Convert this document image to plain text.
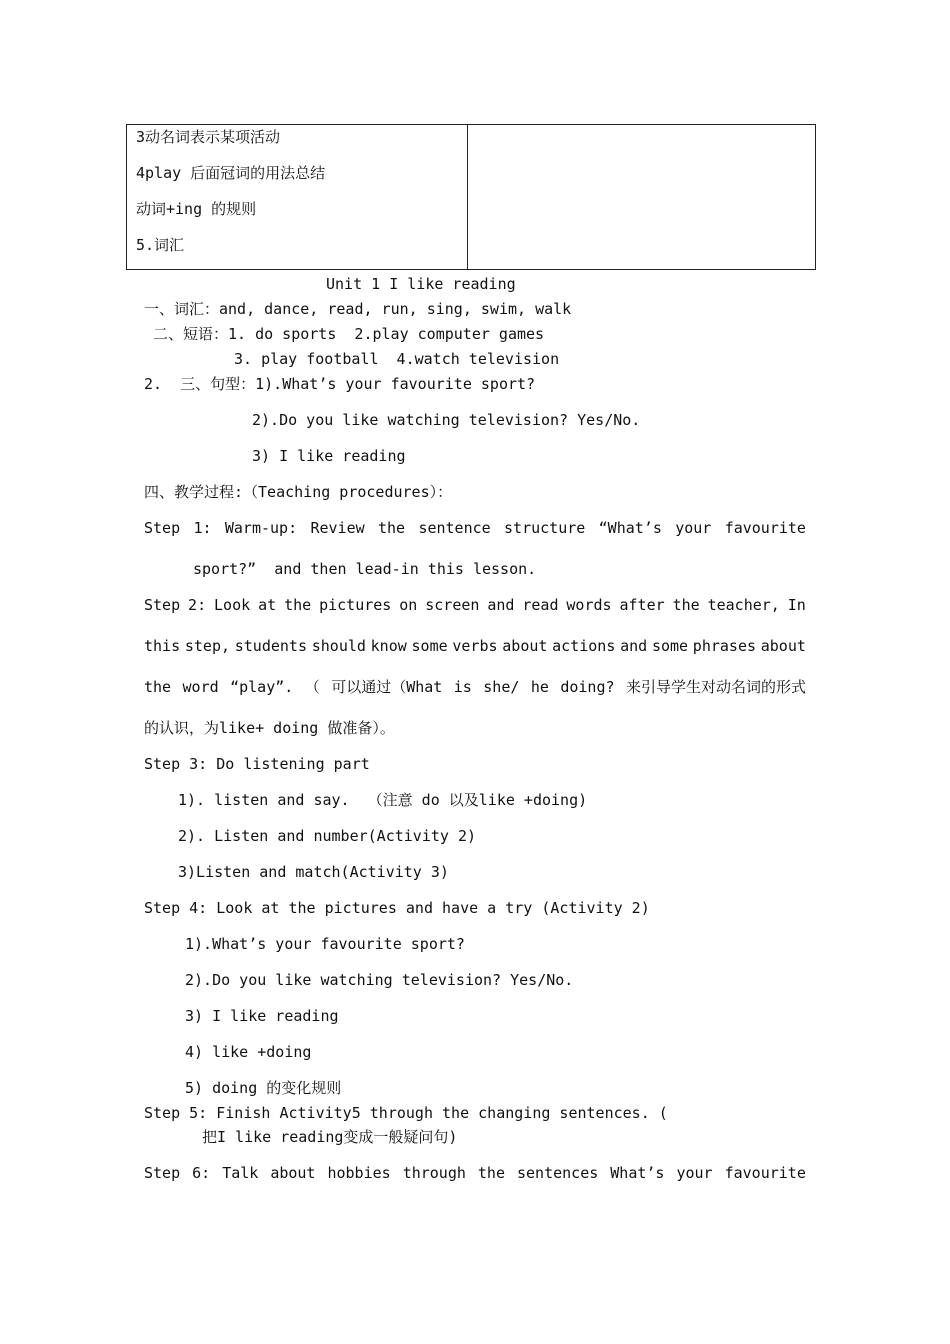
3动名词表示某项活动
4play 后面冠词的用法总结
动词+ing 的规则
5.词汇
Unit 1 I like reading
一、词汇：and, dance, read, run, sing, swim, walk
二、短语：1. do sports  2.play computer games
3. play football  4.watch television
2.  三、句型：1).What’s your favourite sport?
2).Do you like watching television? Yes/No.
3) I like reading
四、教学过程:（Teaching procedures）：
Step 1: Warm-up: Review the sentence structure “What’s your favourite
sport?”  and then lead-in this lesson.
Step 2: Look at the pictures on screen and read words after the teacher, In
this step, students should know some verbs about actions and some phrases about
the word “play”. （ 可以通过（What is she/ he doing? 来引导学生对动名词的形式
的认识，为like+ doing 做准备）。
Step 3: Do listening part
1). listen and say.  （注意 do 以及like +doing)
2). Listen and number(Activity 2)
3)Listen and match(Activity 3)
Step 4: Look at the pictures and have a try (Activity 2)
1).What’s your favourite sport?
2).Do you like watching television? Yes/No.
3) I like reading
4) like +doing
5) doing 的变化规则
Step 5: Finish Activity5 through the changing sentences. (
把I like reading变成一般疑问句)
Step 6: Talk about hobbies through the sentences What’s your favourite
